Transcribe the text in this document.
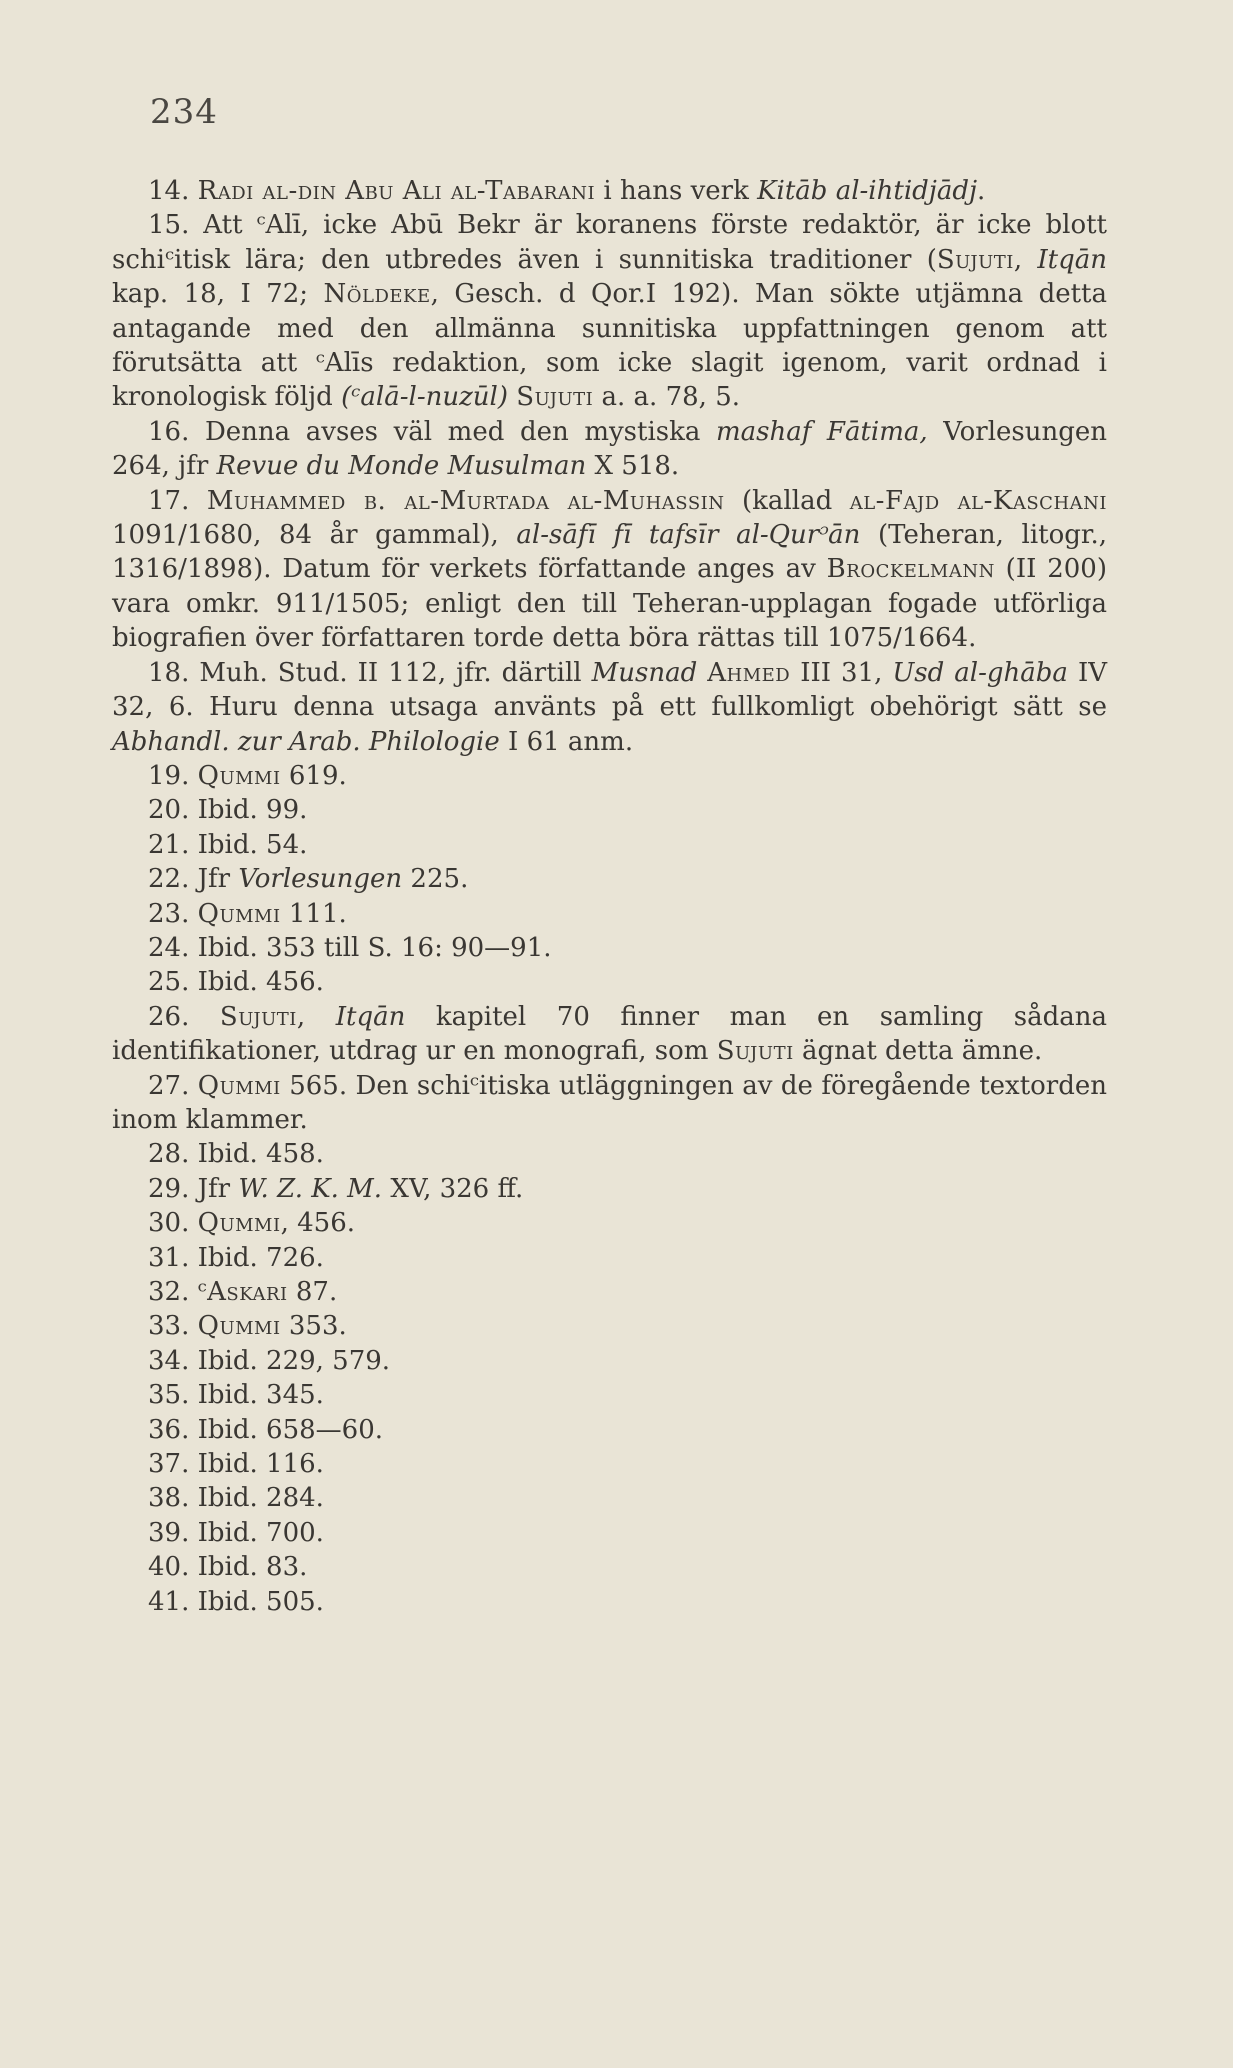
234
14. Radi al-din Abu Ali al-Tabarani i hans verk Kitāb al-ihtidjādj.
15. Att ᶜAlī, icke Abū Bekr är koranens förste redaktör, är icke blott schiᶜitisk lära; den utbredes även i sunnitiska traditioner (Sujuti, Itqān kap. 18, I 72; Nöldeke, Gesch. d Qor.I 192). Man sökte utjämna detta antagande med den allmänna sunnitiska uppfattningen genom att förutsätta att ᶜAlīs redaktion, som icke slagit igenom, varit ordnad i kronologisk följd (ᶜalā-l-nuzūl) Sujuti a. a. 78, 5.
16. Denna avses väl med den mystiska mashaf Fātima, Vorlesungen 264, jfr Revue du Monde Musulman X 518.
17. Muhammed b. al-Murtada al-Muhassin (kallad al-Fajd al-Kaschani 1091/1680, 84 år gammal), al-sāfī fī tafsīr al-Qurᵓān (Teheran, litogr., 1316/1898). Datum för verkets författande anges av Brockelmann (II 200) vara omkr. 911/1505; enligt den till Teheran-upplagan fogade utförliga biografien över författaren torde detta böra rättas till 1075/1664.
18. Muh. Stud. II 112, jfr. därtill Musnad Ahmed III 31, Usd al-ghāba IV 32, 6. Huru denna utsaga använts på ett fullkomligt obehörigt sätt se Abhandl. zur Arab. Philologie I 61 anm.
19. Qummi 619.
20. Ibid. 99.
21. Ibid. 54.
22. Jfr Vorlesungen 225.
23. Qummi 111.
24. Ibid. 353 till S. 16: 90—91.
25. Ibid. 456.
26. Sujuti, Itqān kapitel 70 finner man en samling sådana identifikationer, utdrag ur en monografi, som Sujuti ägnat detta ämne.
27. Qummi 565. Den schiᶜitiska utläggningen av de föregående textorden inom klammer.
28. Ibid. 458.
29. Jfr W. Z. K. M. XV, 326 ff.
30. Qummi, 456.
31. Ibid. 726.
32. ᶜAskari 87.
33. Qummi 353.
34. Ibid. 229, 579.
35. Ibid. 345.
36. Ibid. 658—60.
37. Ibid. 116.
38. Ibid. 284.
39. Ibid. 700.
40. Ibid. 83.
41. Ibid. 505.
